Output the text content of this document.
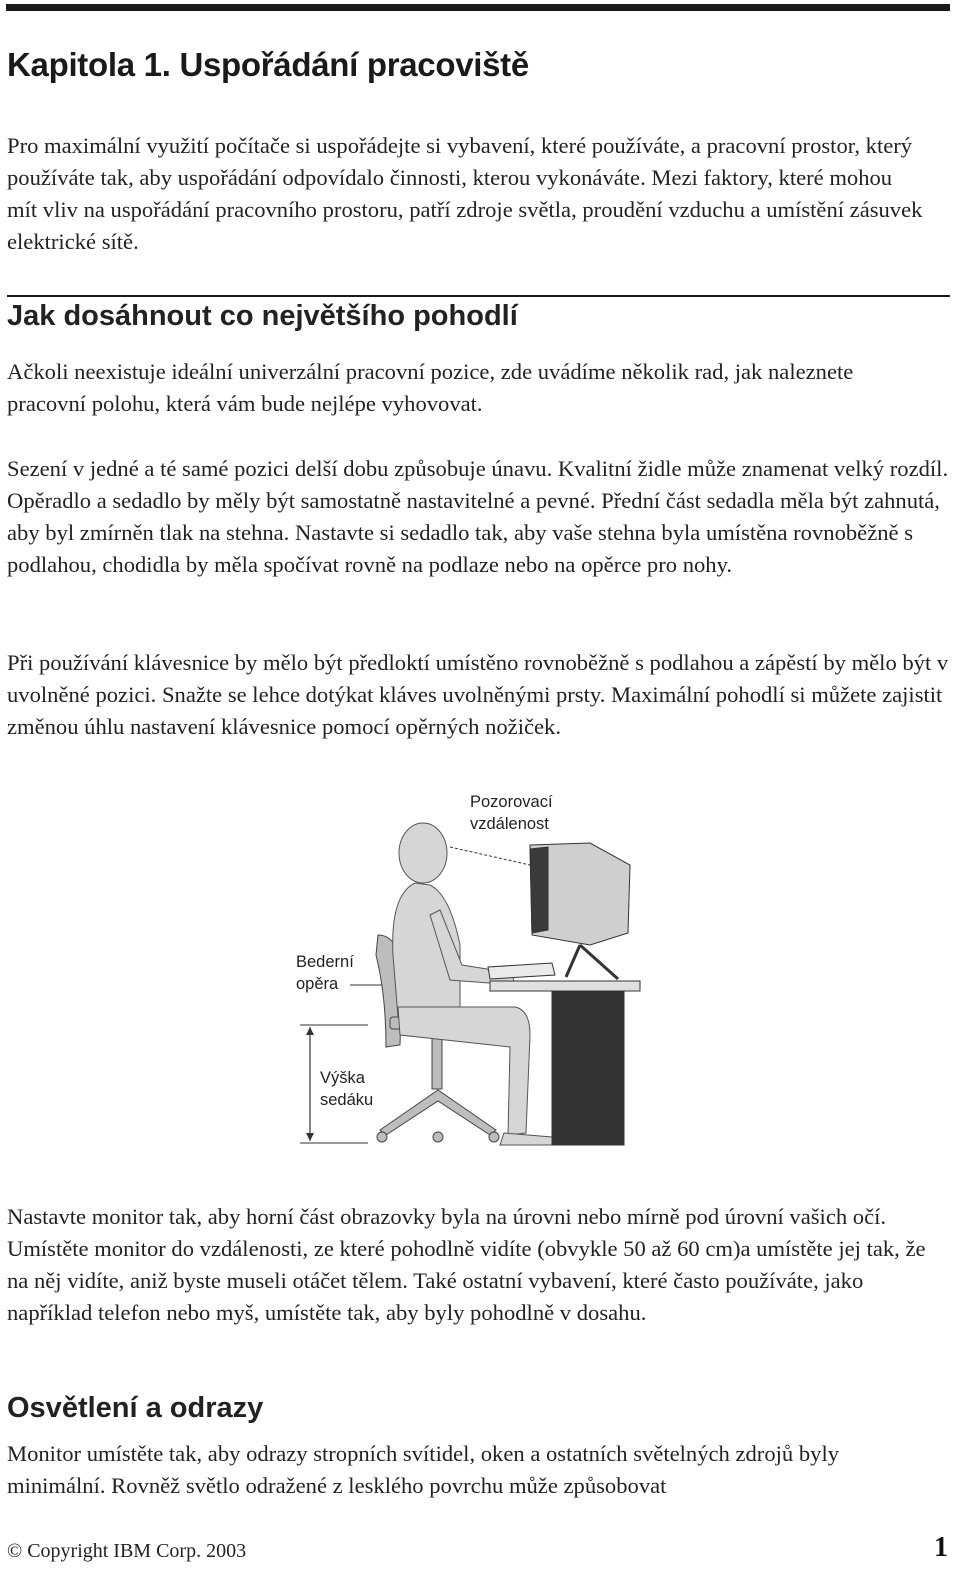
Kapitola 1. Uspořádání pracoviště

Pro maximální využití počítače si uspořádejte si vybavení, které používáte, a pracovní prostor, který používáte tak, aby uspořádání odpovídalo činnosti, kterou vykonáváte. Mezi faktory, které mohou mít vliv na uspořádání pracovního prostoru, patří zdroje světla, proudění vzduchu a umístění zásuvek elektrické sítě.

Jak dosáhnout co největšího pohodlí

Ačkoli neexistuje ideální univerzální pracovní pozice, zde uvádíme několik rad, jak naleznete pracovní polohu, která vám bude nejlépe vyhovovat.

Sezení v jedné a té samé pozici delší dobu způsobuje únavu. Kvalitní židle může znamenat velký rozdíl. Opěradlo a sedadlo by měly být samostatně nastavitelné a pevné. Přední část sedadla měla být zahnutá, aby byl zmírněn tlak na stehna. Nastavte si sedadlo tak, aby vaše stehna byla umístěna rovnoběžně s podlahou, chodidla by měla spočívat rovně na podlaze nebo na opěrce pro nohy.

Při používání klávesnice by mělo být předloktí umístěno rovnoběžně s podlahou a zápěstí by mělo být v uvolněné pozici. Snažte se lehce dotýkat kláves uvolněnými prsty. Maximální pohodlí si můžete zajistit změnou úhlu nastavení klávesnice pomocí opěrných nožiček.

Pozorovací
vzdálenost
Bederní
opěra
Výška
sedáku

Nastavte monitor tak, aby horní část obrazovky byla na úrovni nebo mírně pod úrovní vašich očí. Umístěte monitor do vzdálenosti, ze které pohodlně vidíte (obvykle 50 až 60 cm)a umístěte jej tak, že na něj vidíte, aniž byste museli otáčet tělem. Také ostatní vybavení, které často používáte, jako například telefon nebo myš, umístěte tak, aby byly pohodlně v dosahu.

Osvětlení a odrazy

Monitor umístěte tak, aby odrazy stropních svítidel, oken a ostatních světelných zdrojů byly minimální. Rovněž světlo odražené z lesklého povrchu může způsobovat

© Copyright IBM Corp. 2003	1
